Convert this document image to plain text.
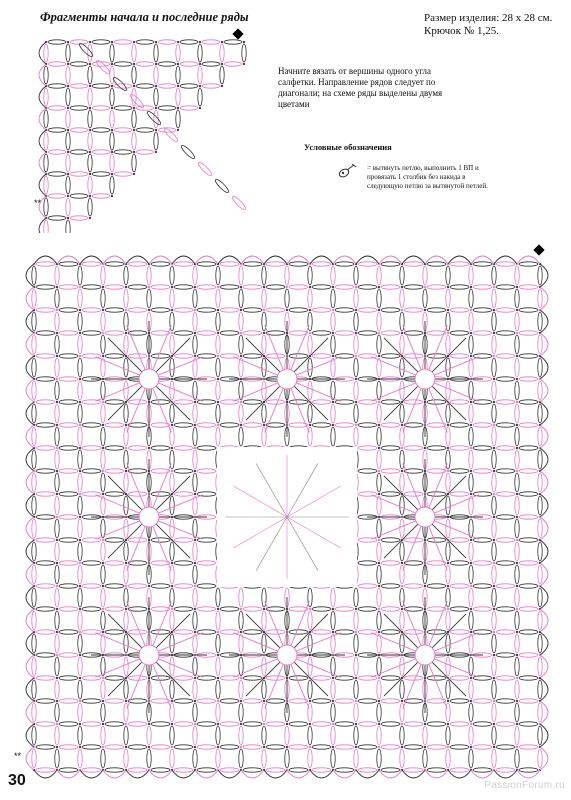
Фрагменты начала и последние ряды	Размер изделия: 28 х 28 см.
Крючок № 1,25.
Начните вязать от вершины одного угла салфетки. Направление рядов следует по диагонали; на схеме ряды выделены двумя цветами
Условные обозначения
= вытянуть петлю, выполнить 1 ВП и провязать 1 столбик без накида в следующую петлю за вытянутой петлей.
**
**
30	PassionForum.ru
